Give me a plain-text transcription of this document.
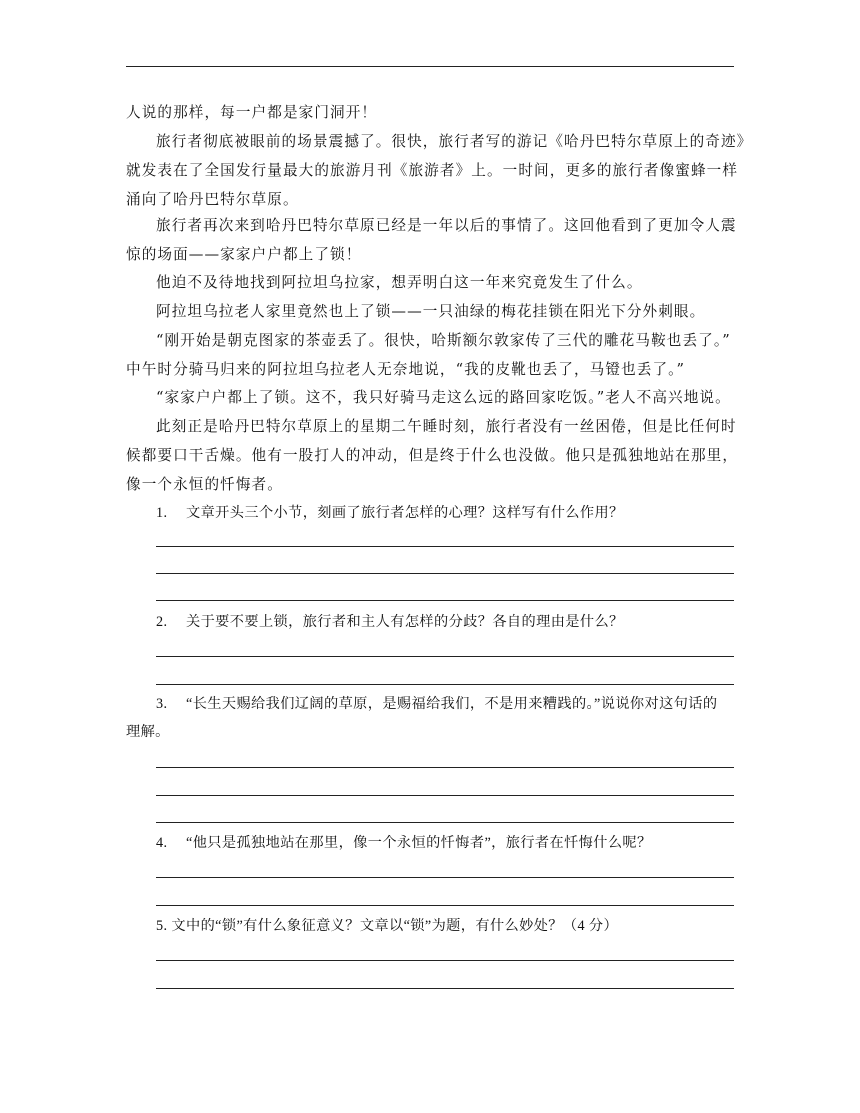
人说的那样，每一户都是家门洞开！

旅行者彻底被眼前的场景震撼了。很快，旅行者写的游记《哈丹巴特尔草原上的奇迹》
就发表在了全国发行量最大的旅游月刊《旅游者》上。一时间，更多的旅行者像蜜蜂一样
涌向了哈丹巴特尔草原。

旅行者再次来到哈丹巴特尔草原已经是一年以后的事情了。这回他看到了更加令人震
惊的场面——家家户户都上了锁！

他迫不及待地找到阿拉坦乌拉家，想弄明白这一年来究竟发生了什么。

阿拉坦乌拉老人家里竟然也上了锁——一只油绿的梅花挂锁在阳光下分外刺眼。

“刚开始是朝克图家的茶壶丢了。很快，哈斯额尔敦家传了三代的雕花马鞍也丢了。”
中午时分骑马归来的阿拉坦乌拉老人无奈地说，“我的皮靴也丢了，马镫也丢了。”

“家家户户都上了锁。这不，我只好骑马走这么远的路回家吃饭。”老人不高兴地说。

此刻正是哈丹巴特尔草原上的星期二午睡时刻，旅行者没有一丝困倦，但是比任何时
候都要口干舌燥。他有一股打人的冲动，但是终于什么也没做。他只是孤独地站在那里，
像一个永恒的忏悔者。

1. 文章开头三个小节，刻画了旅行者怎样的心理？这样写有什么作用？
2. 关于要不要上锁，旅行者和主人有怎样的分歧？各自的理由是什么？
3. “长生天赐给我们辽阔的草原，是赐福给我们，不是用来糟践的。”说说你对这句话的
理解。
4. “他只是孤独地站在那里，像一个永恒的忏悔者”，旅行者在忏悔什么呢？
5. 文中的“锁”有什么象征意义？文章以“锁”为题，有什么妙处？（4 分）
